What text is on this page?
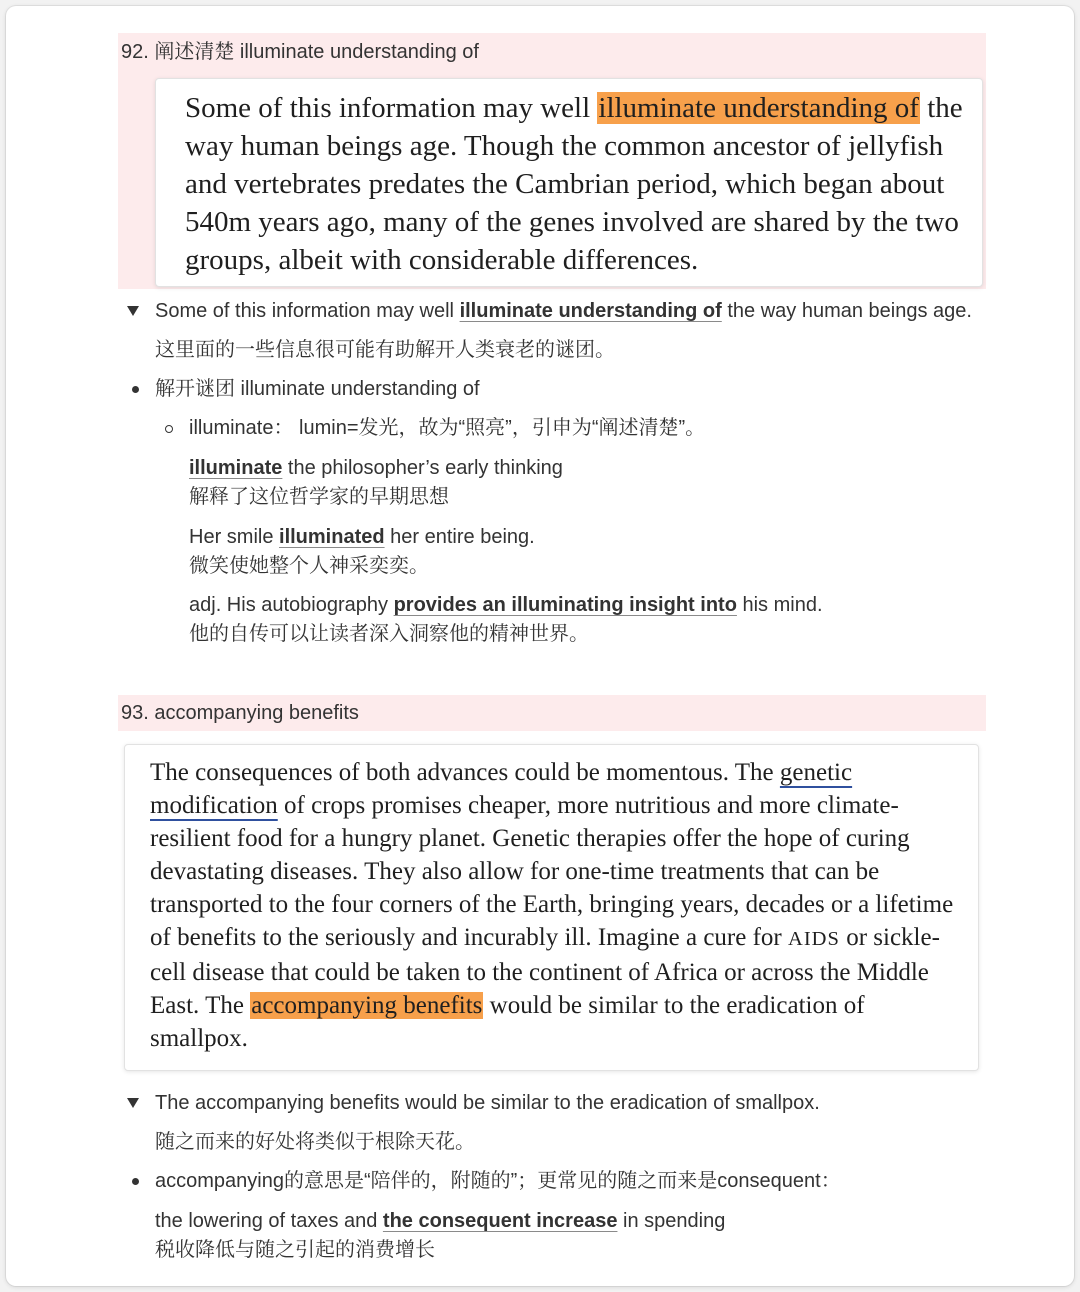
92. 阐述清楚 illuminate understanding of
Some of this information may well illuminate understanding of the
way human beings age. Though the common ancestor of jellyfish
and vertebrates predates the Cambrian period, which began about
540m years ago, many of the genes involved are shared by the two
groups, albeit with considerable differences.
Some of this information may well illuminate understanding of the way human beings age.
这里面的一些信息很可能有助解开人类衰老的谜团。
解开谜团 illuminate understanding of
illuminate： lumin=发光，故为“照亮”，引申为“阐述清楚”。
illuminate the philosopher’s early thinking
解释了这位哲学家的早期思想
Her smile illuminated her entire being.
微笑使她整个人神采奕奕。
adj. His autobiography provides an illuminating insight into his mind.
他的自传可以让读者深入洞察他的精神世界。
93. accompanying benefits
The consequences of both advances could be momentous. The genetic
modification of crops promises cheaper, more nutritious and more climate-
resilient food for a hungry planet. Genetic therapies offer the hope of curing
devastating diseases. They also allow for one-time treatments that can be
transported to the four corners of the Earth, bringing years, decades or a lifetime
of benefits to the seriously and incurably ill. Imagine a cure for AIDS or sickle-
cell disease that could be taken to the continent of Africa or across the Middle
East. The accompanying benefits would be similar to the eradication of
smallpox.
The accompanying benefits would be similar to the eradication of smallpox.
随之而来的好处将类似于根除天花。
accompanying的意思是“陪伴的，附随的”；更常见的随之而来是consequent：
the lowering of taxes and the consequent increase in spending
税收降低与随之引起的消费增长
